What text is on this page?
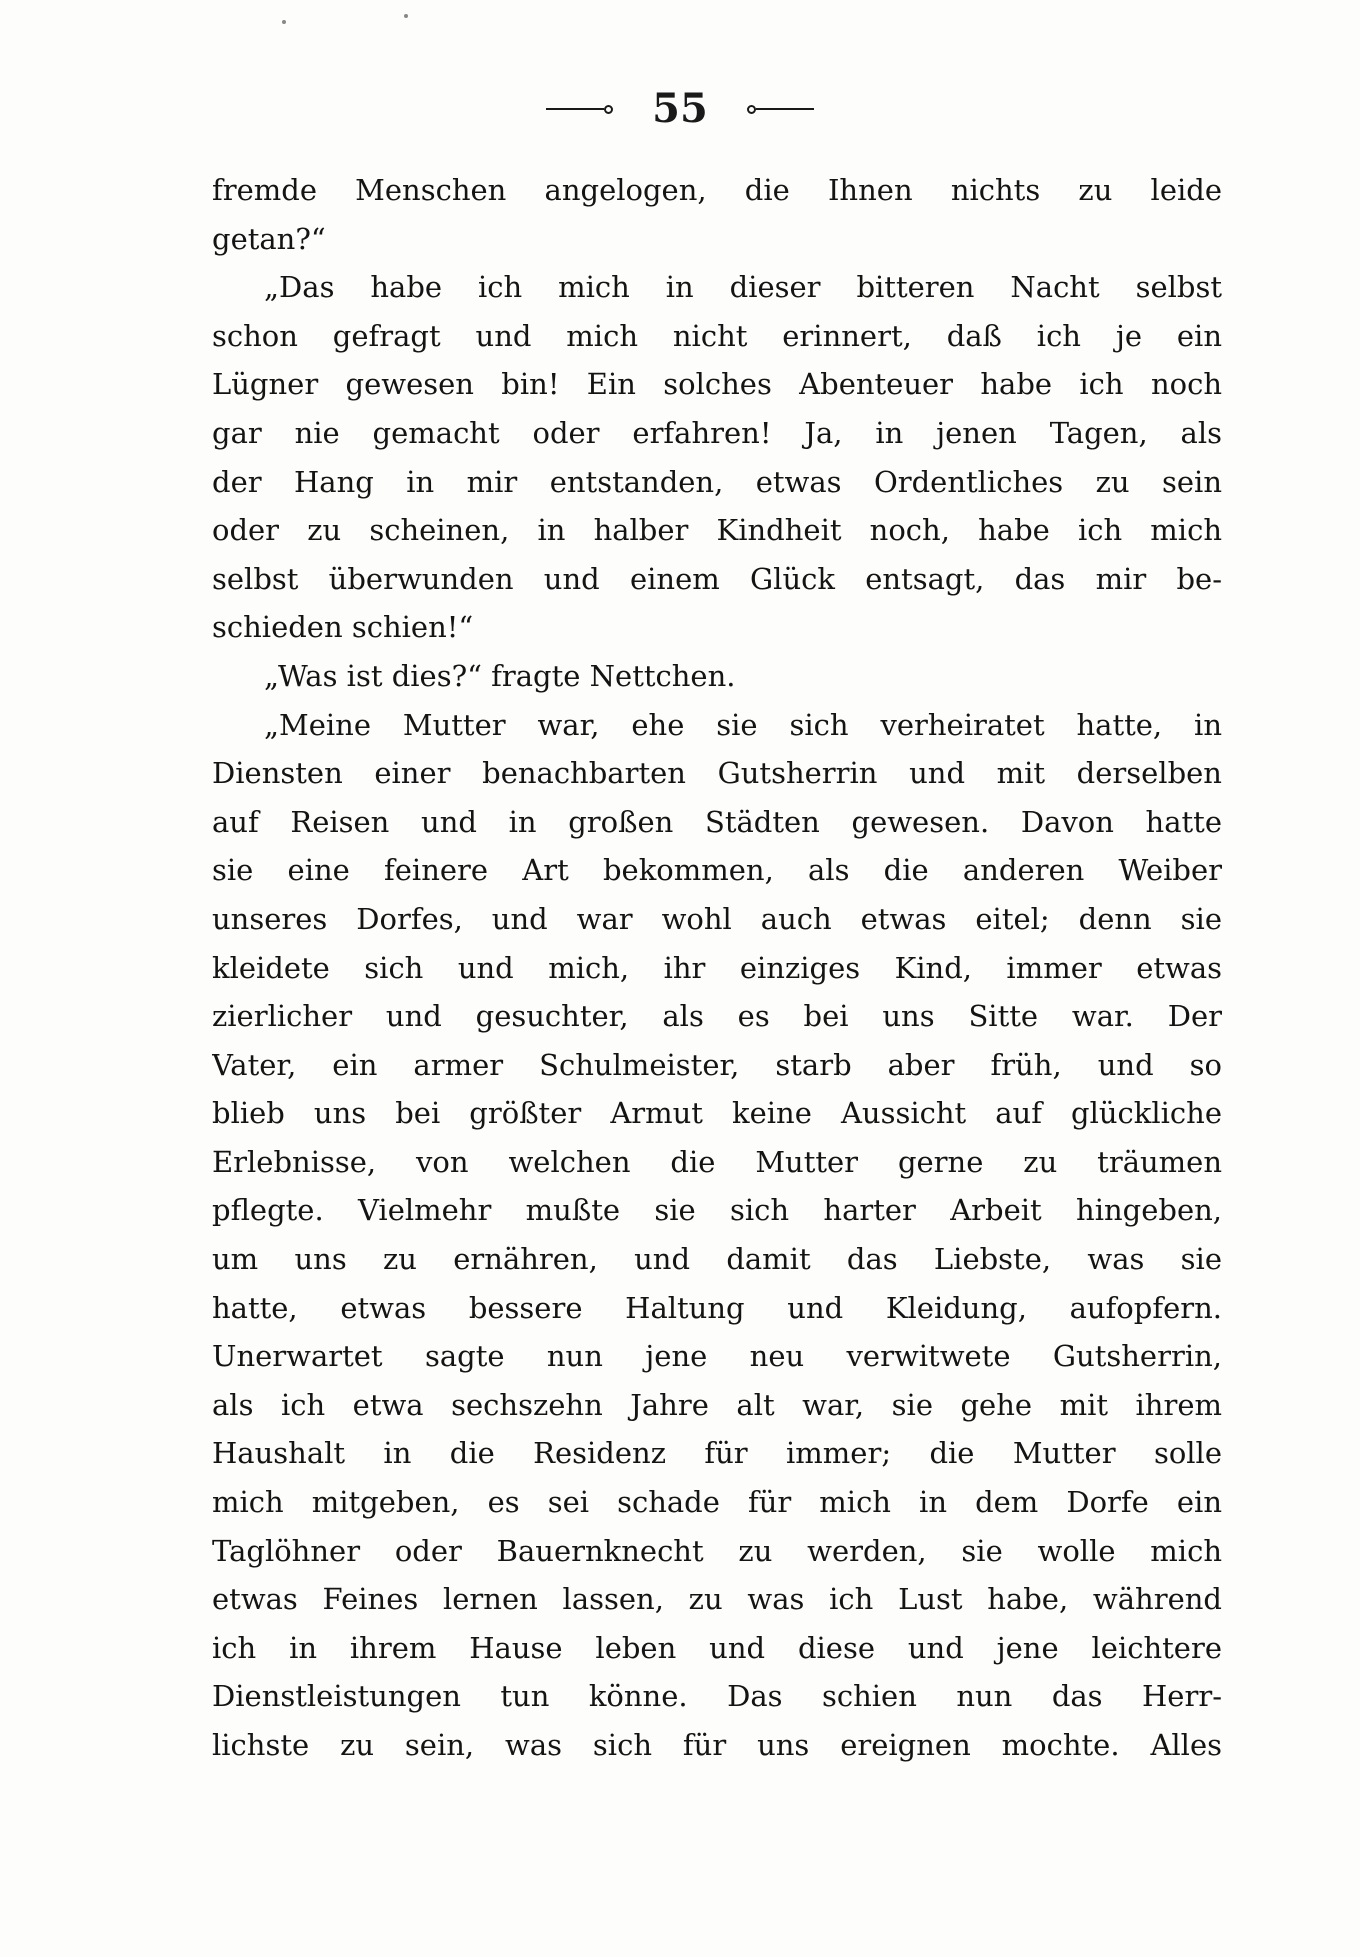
55
fremde Menschen angelogen, die Ihnen nichts zu leide
getan?“
„Das habe ich mich in dieser bitteren Nacht selbst
schon gefragt und mich nicht erinnert, daß ich je ein
Lügner gewesen bin! Ein solches Abenteuer habe ich noch
gar nie gemacht oder erfahren! Ja, in jenen Tagen, als
der Hang in mir entstanden, etwas Ordentliches zu sein
oder zu scheinen, in halber Kindheit noch, habe ich mich
selbst überwunden und einem Glück entsagt, das mir be-
schieden schien!“
„Was ist dies?“ fragte Nettchen.
„Meine Mutter war, ehe sie sich verheiratet hatte, in
Diensten einer benachbarten Gutsherrin und mit derselben
auf Reisen und in großen Städten gewesen. Davon hatte
sie eine feinere Art bekommen, als die anderen Weiber
unseres Dorfes, und war wohl auch etwas eitel; denn sie
kleidete sich und mich, ihr einziges Kind, immer etwas
zierlicher und gesuchter, als es bei uns Sitte war. Der
Vater, ein armer Schulmeister, starb aber früh, und so
blieb uns bei größter Armut keine Aussicht auf glückliche
Erlebnisse, von welchen die Mutter gerne zu träumen
pflegte. Vielmehr mußte sie sich harter Arbeit hingeben,
um uns zu ernähren, und damit das Liebste, was sie
hatte, etwas bessere Haltung und Kleidung, aufopfern.
Unerwartet sagte nun jene neu verwitwete Gutsherrin,
als ich etwa sechszehn Jahre alt war, sie gehe mit ihrem
Haushalt in die Residenz für immer; die Mutter solle
mich mitgeben, es sei schade für mich in dem Dorfe ein
Taglöhner oder Bauernknecht zu werden, sie wolle mich
etwas Feines lernen lassen, zu was ich Lust habe, während
ich in ihrem Hause leben und diese und jene leichtere
Dienstleistungen tun könne. Das schien nun das Herr-
lichste zu sein, was sich für uns ereignen mochte. Alles
